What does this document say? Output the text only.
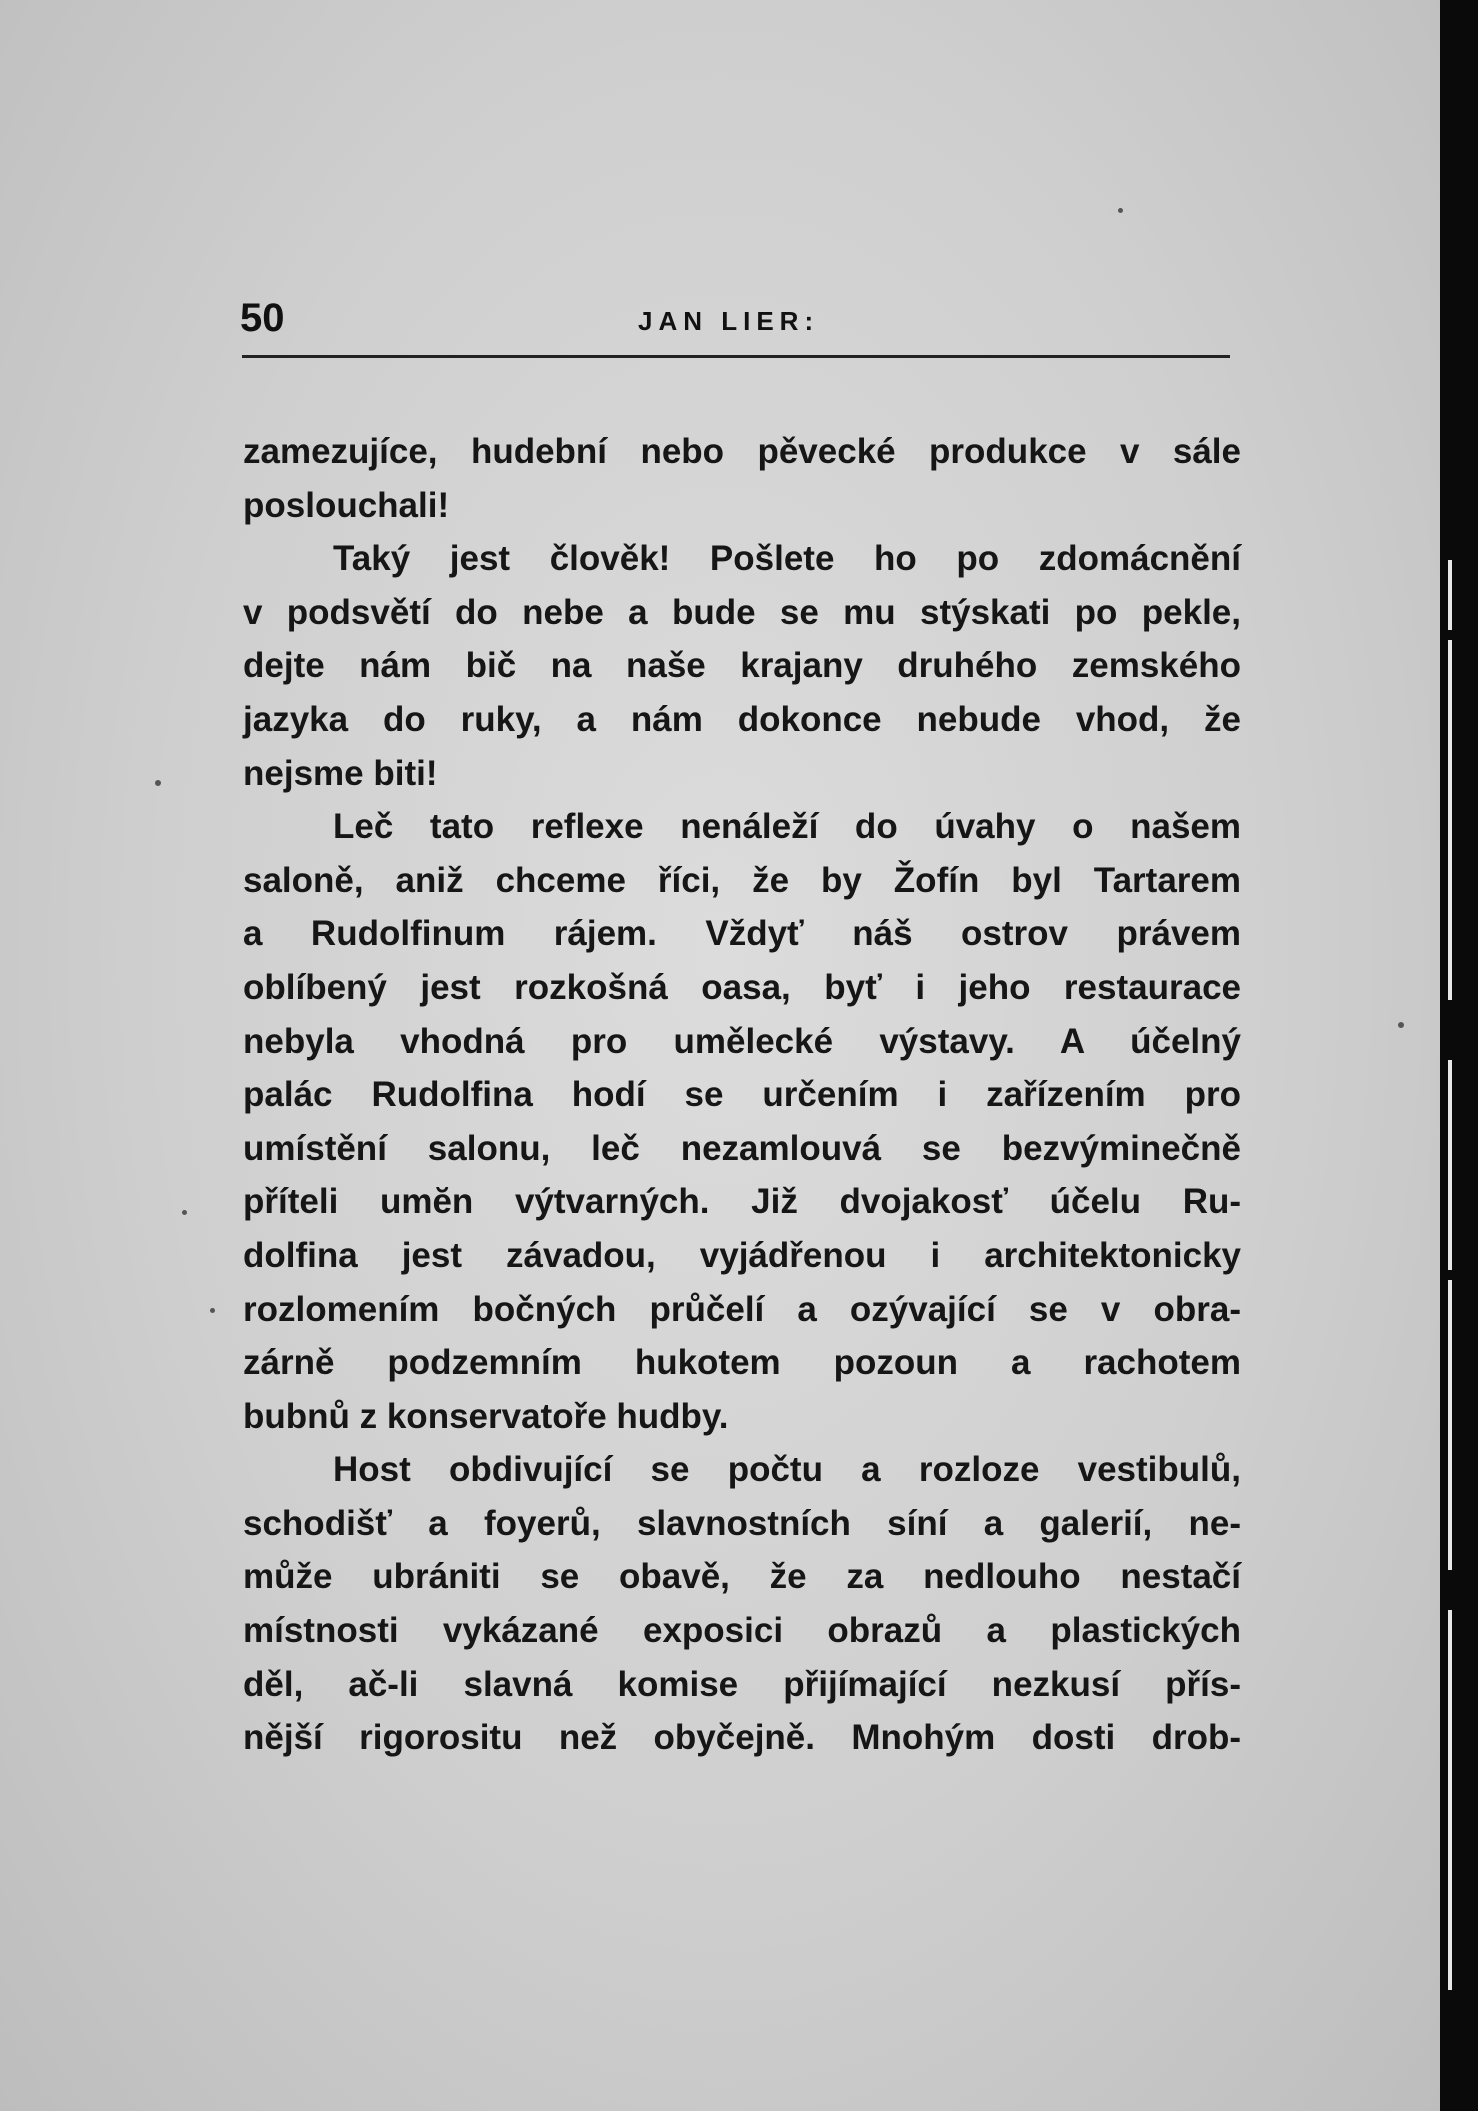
50	JAN LIER:
zamezujíce, hudební nebo pěvecké produkce v sále
poslouchali!
Taký jest člověk! Pošlete ho po zdomácnění
v podsvětí do nebe a bude se mu stýskati po pekle,
dejte nám bič na naše krajany druhého zemského
jazyka do ruky, a nám dokonce nebude vhod, že
nejsme biti!
Leč tato reflexe nenáleží do úvahy o našem
saloně, aniž chceme říci, že by Žofín byl Tartarem
a Rudolfinum rájem. Vždyť náš ostrov právem
oblíbený jest rozkošná oasa, byť i jeho restaurace
nebyla vhodná pro umělecké výstavy. A účelný
palác Rudolfina hodí se určením i zařízením pro
umístění salonu, leč nezamlouvá se bezvýminečně
příteli umĕn výtvarných. Již dvojakosť účelu Ru-
dolfina jest závadou, vyjádřenou i architektonicky
rozlomením bočných průčelí a ozývající se v obra-
zárně podzemním hukotem pozoun a rachotem
bubnů z konservatoře hudby.
Host obdivující se počtu a rozloze vestibulů,
schodišť a foyerů, slavnostních síní a galerií, ne-
může ubrániti se obavě, že za nedlouho nestačí
místnosti vykázané exposici obrazů a plastických
děl, ač-li slavná komise přijímající nezkusí přís-
nější rigorositu než obyčejně. Mnohým dosti drob-
